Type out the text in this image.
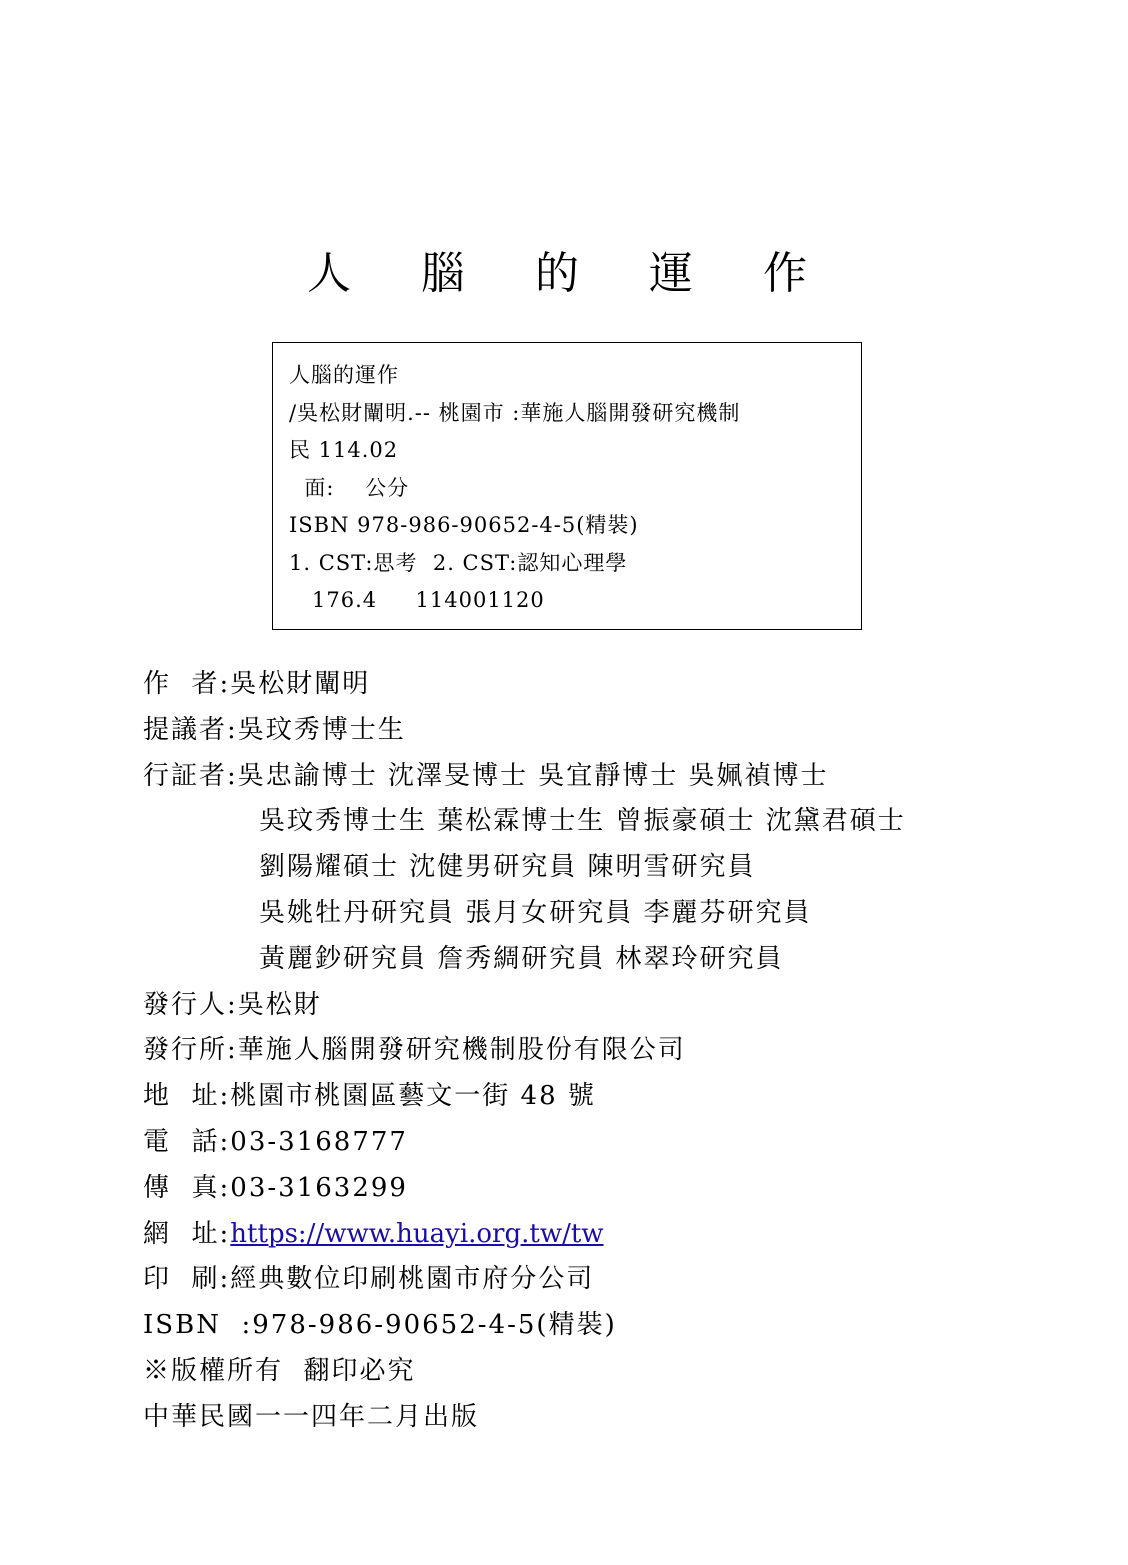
人 腦 的 運 作
人腦的運作
/吳松財闡明.-- 桃園市 :華施人腦開發研究機制
民 114.02
面:    公分
ISBN 978-986-90652-4-5(精裝)
1. CST:思考  2. CST:認知心理學
176.4     114001120
作  者: 吳松財闡明
提議者: 吳玟秀博士生
行証者: 吳忠諭博士 沈澤旻博士 吳宜靜博士 吳姵禎博士
吳玟秀博士生 葉松霖博士生 曾振豪碩士 沈黛君碩士
劉陽耀碩士 沈健男研究員 陳明雪研究員
吳姚牡丹研究員 張月女研究員 李麗芬研究員
黃麗鈔研究員 詹秀綢研究員 林翠玲研究員
發行人: 吳松財
發行所: 華施人腦開發研究機制股份有限公司
地  址: 桃園市桃園區藝文一街 48 號
電  話: 03-3168777
傳  真: 03-3163299
網  址: https://www.huayi.org.tw/tw
印  刷: 經典數位印刷桃園市府分公司
ISBN  : 978-986-90652-4-5(精裝)
※版權所有  翻印必究
中華民國一一四年二月出版
